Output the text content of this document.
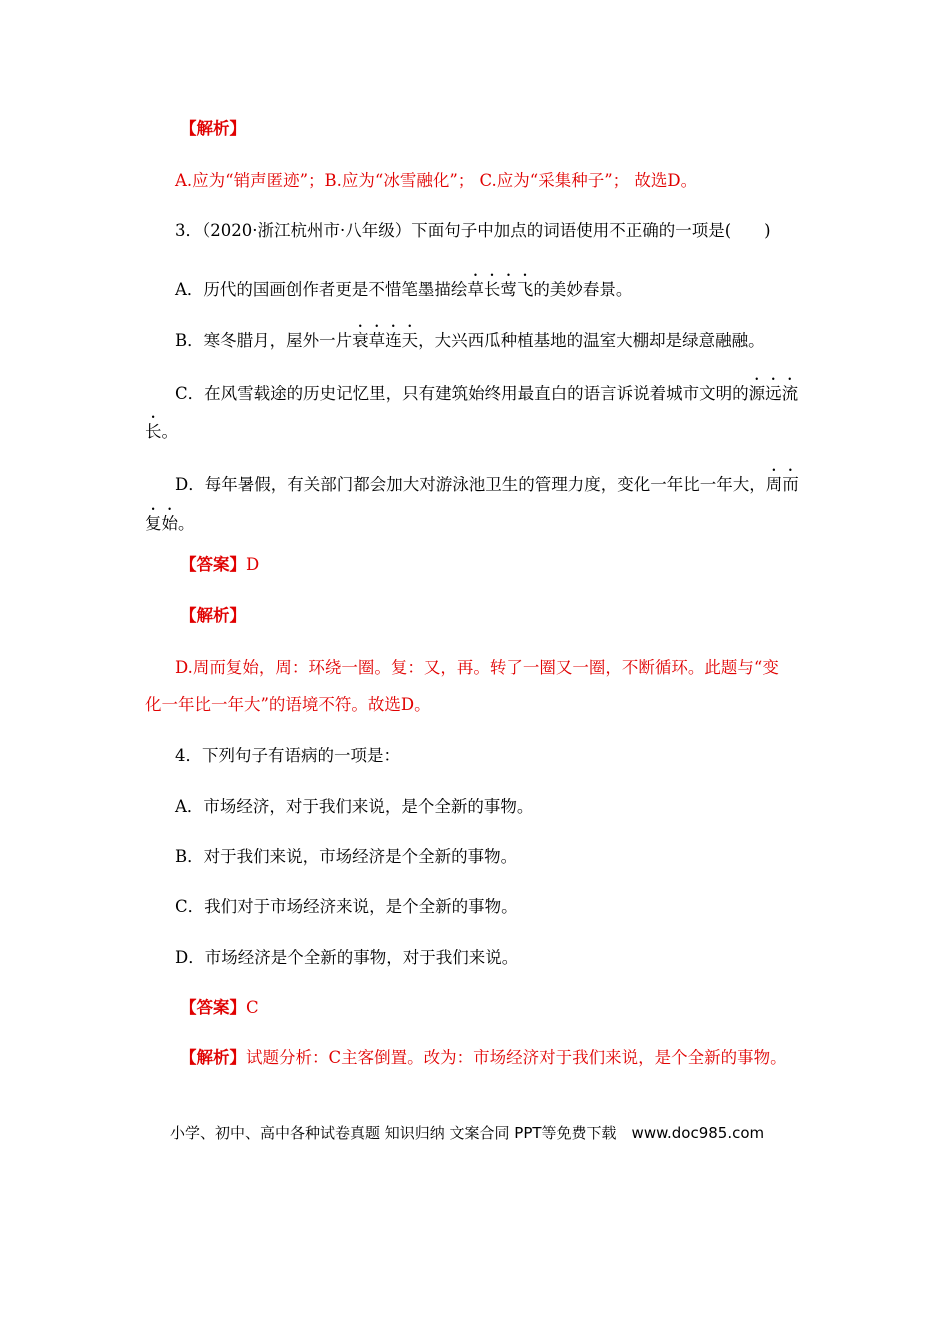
【解析】
A.应为“销声匿迹”；B.应为“冰雪融化”； C.应为“采集种子”； 故选D。
3．（2020·浙江杭州市·八年级）下面句子中加点的词语使用不正确的一项是(　　)
A．历代的国画创作者更是不惜笔墨描绘草长莺飞的美妙春景。
B．寒冬腊月，屋外一片衰草连天，大兴西瓜种植基地的温室大棚却是绿意融融。
C．在风雪载途的历史记忆里，只有建筑始终用最直白的语言诉说着城市文明的源远流
长。
D．每年暑假，有关部门都会加大对游泳池卫生的管理力度，变化一年比一年大，周而
复始。
【答案】D
【解析】
D.周而复始，周：环绕一圈。复：又，再。转了一圈又一圈，不断循环。此题与“变
化一年比一年大”的语境不符。故选D。
4．下列句子有语病的一项是：
A．市场经济，对于我们来说，是个全新的事物。
B．对于我们来说，市场经济是个全新的事物。
C．我们对于市场经济来说，是个全新的事物。
D．市场经济是个全新的事物，对于我们来说。
【答案】C
【解析】试题分析：C主客倒置。改为：市场经济对于我们来说，是个全新的事物。
小学、初中、高中各种试卷真题 知识归纳 文案合同 PPT等免费下载　www.doc985.com
